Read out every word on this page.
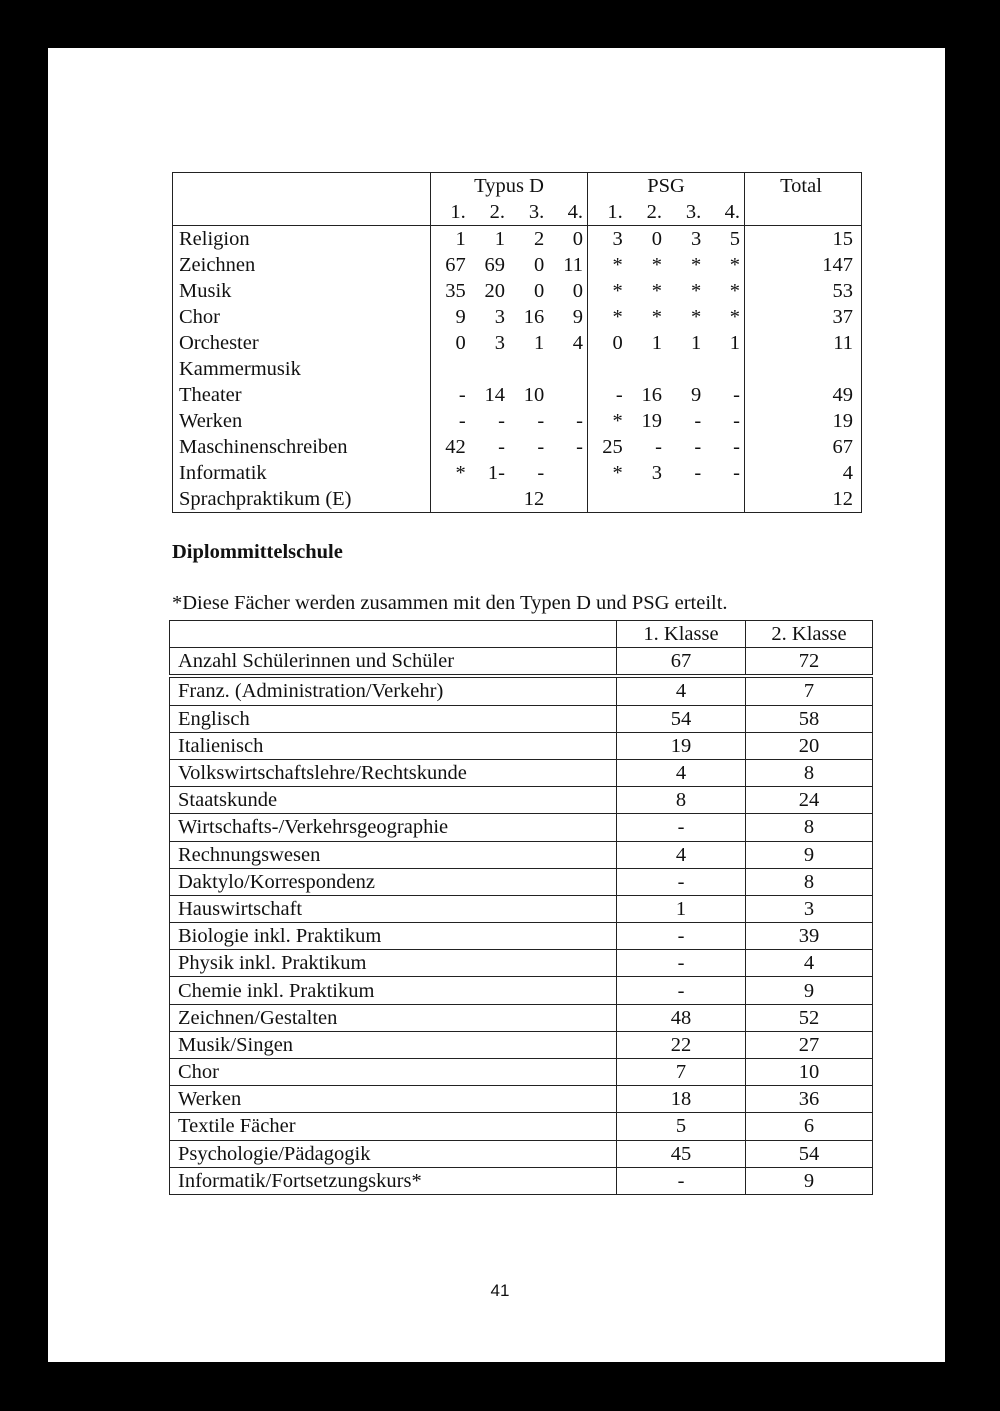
	Typus D				PSG				Total
	1.	2.	3.	4.	1.	2.	3.	4.	
Religion	1	1	2	0	3	0	3	5	15
Zeichnen	67	69	0	11	*	*	*	*	147
Musik	35	20	0	0	*	*	*	*	53
Chor	9	3	16	9	*	*	*	*	37
Orchester	0	3	1	4	0	1	1	1	11
Kammermusik									
Theater	-	14	10		-	16	9	-	49
Werken	-	-	-	-	*	19	-	-	19
Maschinenschreiben	42	-	-	-	25	-	-	-	67
Informatik	*	1-	-		*	3	-	-	4
Sprachpraktikum (E)			12						12
Diplommittelschule
*Diese Fächer werden zusammen mit den Typen D und PSG erteilt.
	1. Klasse	2. Klasse
Anzahl Schülerinnen und Schüler	67	72
Franz. (Administration/Verkehr)	4	7
Englisch	54	58
Italienisch	19	20
Volkswirtschaftslehre/Rechtskunde	4	8
Staatskunde	8	24
Wirtschafts-/Verkehrsgeographie	-	8
Rechnungswesen	4	9
Daktylo/Korrespondenz	-	8
Hauswirtschaft	1	3
Biologie inkl. Praktikum	-	39
Physik inkl. Praktikum	-	4
Chemie inkl. Praktikum	-	9
Zeichnen/Gestalten	48	52
Musik/Singen	22	27
Chor	7	10
Werken	18	36
Textile Fächer	5	6
Psychologie/Pädagogik	45	54
Informatik/Fortsetzungskurs*	-	9
41
